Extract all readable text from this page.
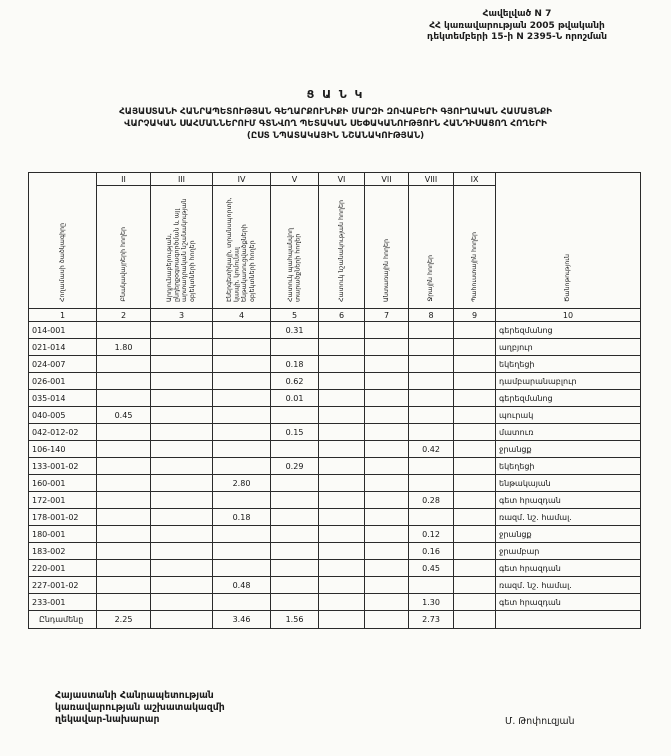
Հավելված N 7
ՀՀ կառավարության 2005 թվականի
դեկտեմբերի 15-ի N 2395-Ն որոշման
Ց Ա Ն Կ
ՀԱՅԱՍՏԱՆԻ ՀԱՆՐԱՊԵՏՈՒԹՅԱՆ ԳԵՂԱՐՔՈՒՆԻՔԻ ՄԱՐԶԻ ԶՈՎԱԲԵՐԻ ԳՅՈՒՂԱԿԱՆ ՀԱՄԱՅՆՔԻ
ՎԱՐՉԱԿԱՆ ՍԱՀՄԱՆՆԵՐՈՒՄ ԳՏՆՎՈՂ ՊԵՏԱԿԱՆ ՍԵՓԱԿԱՆՈՒԹՅՈՒՆ ՀԱՆԴԻՍԱՑՈՂ ՀՈՂԵՐԻ
(ԸՍՏ ՆՊԱՏԱԿԱՅԻՆ ՆՇԱՆԱԿՈՒԹՅԱՆ)
Հողամասի ծածկագիրը	II	III	IV	V	VI	VII	VIII	IX	Ծանոթություն
	Բնակավայրերի հողեր	Արդյունաբերության, ընդերքօգտագործման և այլ արտադրական նշանակության օբյեկտների հողեր	Էներգետիկայի, տրանսպորտի, կապի, կոմունալ ենթակառուցվածքների օբյեկտների հողեր	Հատուկ պահպանվող տարածքների հողեր	Հատուկ նշանակության հողեր	Անտառային հողեր	Ջրային հողեր	Պահուստային հողեր	
1	2	3	4	5	6	7	8	9	10
014-001				0.31					գերեզմանոց
021-014	1.80								աղբյուր
024-007				0.18					եկեղեցի
026-001				0.62					դամբարանաբլուր
035-014				0.01					գերեզմանոց
040-005	0.45								պուրակ
042-012-02				0.15					մատուռ
106-140							0.42		ջրանցք
133-001-02				0.29					եկեղեցի
160-001			2.80						ենթակայան
172-001							0.28		գետ հրազդան
178-001-02			0.18						ռազմ. նշ. համալ.
180-001							0.12		ջրանցք
183-002							0.16		ջրամբար
220-001							0.45		գետ հրազդան
227-001-02			0.48						ռազմ. նշ. համալ.
233-001							1.30		գետ հրազդան
Ընդամենը	2.25		3.46	1.56			2.73		
Հայաստանի Հանրապետության
կառավարության աշխատակազմի
ղեկավար-նախարար	Մ. Թոփուզյան
